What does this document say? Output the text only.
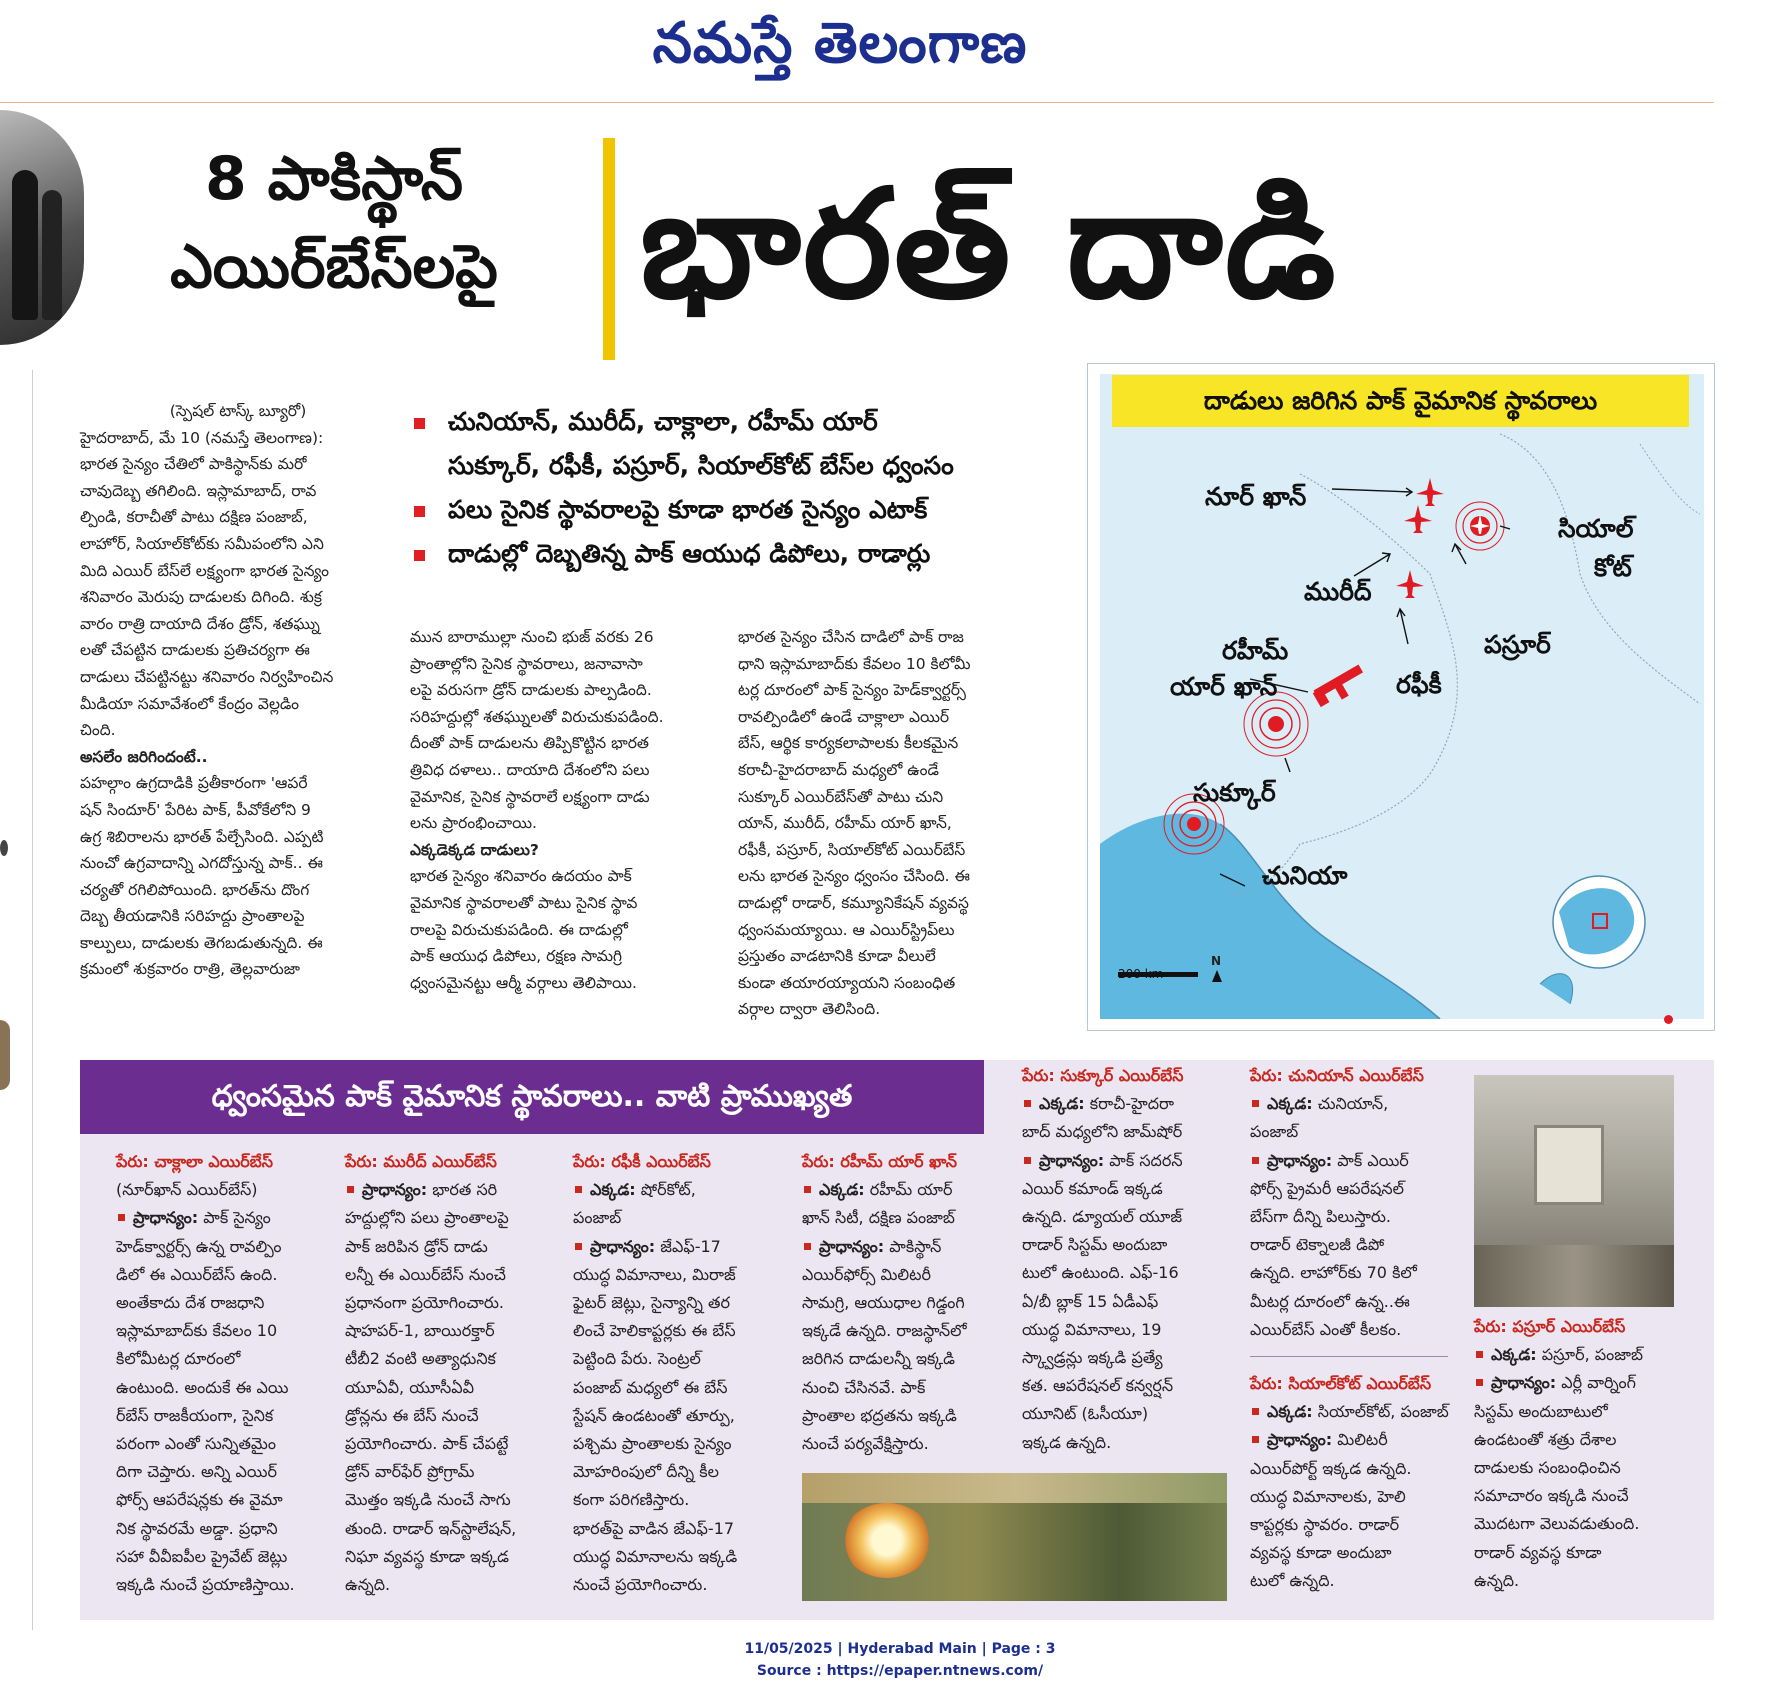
నమస్తే తెలంగాణ
8 పాకిస్థాన్
ఎయిర్‌బేస్‌లపై భారత్ దాడి

(స్పెషల్ టాస్క్ బ్యూరో)

హైదరాబాద్, మే 10 (నమస్తే తెలంగాణ):

భారత సైన్యం చేతిలో పాకిస్థాన్‌కు మరో

చావుదెబ్బ తగిలింది. ఇస్లామాబాద్, రావ

ల్పిండి, కరాచీతో పాటు దక్షిణ పంజాబ్,

లాహోర్, సియాల్‌కోట్‌కు సమీపంలోని ఎని

మిది ఎయిర్ బేస్‌లే లక్ష్యంగా భారత సైన్యం

శనివారం మెరుపు దాడులకు దిగింది. శుక్ర

వారం రాత్రి దాయాది దేశం డ్రోన్, శతఘ్ను

లతో చేపట్టిన దాడులకు ప్రతిచర్యగా ఈ

దాడులు చేపట్టినట్టు శనివారం నిర్వహించిన

మీడియా సమావేశంలో కేంద్రం వెల్లడిం

చింది.

అసలేం జరిగిందంటే..

పహల్గాం ఉగ్రదాడికి ప్రతీకారంగా 'ఆపరే

షన్ సిందూర్' పేరిట పాక్, పీవోకేలోని 9

ఉగ్ర శిబిరాలను భారత్ పేల్చేసింది. ఎప్పటి

నుంచో ఉగ్రవాదాన్ని ఎగదోస్తున్న పాక్.. ఈ

చర్యతో రగిలిపోయింది. భారత్‌ను దొంగ

దెబ్బ తీయడానికి సరిహద్దు ప్రాంతాలపై

కాల్పులు, దాడులకు తెగబడుతున్నది. ఈ

క్రమంలో శుక్రవారం రాత్రి, తెల్లవారుజా

చునియాన్, మురీద్, చాక్లాలా, రహీమ్ యార్
సుక్కూర్, రఫీకీ, పస్రూర్, సియాల్‌కోట్ బేస్‌ల ధ్వంసం
పలు సైనిక స్థావరాలపై కూడా భారత సైన్యం ఎటాక్
దాడుల్లో దెబ్బతిన్న పాక్ ఆయుధ డిపోలు, రాడార్లు

మున బారాముల్లా నుంచి భుజ్ వరకు 26

ప్రాంతాల్లోని సైనిక స్థావరాలు, జనావాసా

లపై వరుసగా డ్రోన్ దాడులకు పాల్పడింది.

సరిహద్దుల్లో శతఘ్నులతో విరుచుకుపడింది.

దీంతో పాక్ దాడులను తిప్పికొట్టిన భారత

త్రివిధ దళాలు.. దాయాది దేశంలోని పలు

వైమానిక, సైనిక స్థావరాలే లక్ష్యంగా దాడు

లను ప్రారంభించాయి.

ఎక్కడెక్కడ దాడులు?

భారత సైన్యం శనివారం ఉదయం పాక్

వైమానిక స్థావరాలతో పాటు సైనిక స్థావ

రాలపై విరుచుకుపడింది. ఈ దాడుల్లో

పాక్ ఆయుధ డిపోలు, రక్షణ సామగ్రి

ధ్వంసమైనట్టు ఆర్మీ వర్గాలు తెలిపాయి.

భారత సైన్యం చేసిన దాడిలో పాక్ రాజ

ధాని ఇస్లామాబాద్‌కు కేవలం 10 కిలోమీ

టర్ల దూరంలో పాక్ సైన్యం హెడ్‌క్వార్టర్స్

రావల్పిండిలో ఉండే చాక్లాలా ఎయిర్

బేస్, ఆర్థిక కార్యకలాపాలకు కీలకమైన

కరాచీ-హైదరాబాద్ మధ్యలో ఉండే

సుక్కూర్ ఎయిర్‌బేస్‌తో పాటు చుని

యాన్, మురీద్, రహీమ్ యార్ ఖాన్,

రఫీకీ, పస్రూర్, సియాల్‌కోట్ ఎయిర్‌బేస్

లను భారత సైన్యం ధ్వంసం చేసింది. ఈ

దాడుల్లో రాడార్, కమ్యూనికేషన్ వ్యవస్థ

ధ్వంసమయ్యాయి. ఆ ఎయిర్‌స్ట్రిప్‌లు

ప్రస్తుతం వాడటానికి కూడా వీలులే

కుండా తయారయ్యాయని సంబంధిత

వర్గాల ద్వారా తెలిసింది.

దాడులు జరిగిన పాక్ వైమానిక స్థావరాలు
నూర్ ఖాన్
సియాల్
కోట్
మురీద్
పస్రూర్
రహీమ్
యార్ ఖాన్	రఫీకీ
సుక్కూర్
చునియా
200 km
N
ధ్వంసమైన పాక్ వైమానిక స్థావరాలు.. వాటి ప్రాముఖ్యత

పేరు: చాక్లాలా ఎయిర్‌బేస్

(నూర్‌ఖాన్ ఎయిర్‌బేస్)

ప్రాధాన్యం: పాక్ సైన్యం

హెడ్‌క్వార్టర్స్ ఉన్న రావల్పిం

డిలో ఈ ఎయిర్‌బేస్ ఉంది.

అంతేకాదు దేశ రాజధాని

ఇస్లామాబాద్‌కు కేవలం 10

కిలోమీటర్ల దూరంలో

ఉంటుంది. అందుకే ఈ ఎయి

ర్‌బేస్ రాజకీయంగా, సైనిక

పరంగా ఎంతో సున్నితమైం

దిగా చెప్తారు. అన్ని ఎయిర్

ఫోర్స్ ఆపరేషన్లకు ఈ వైమా

నిక స్థావరమే అడ్డా. ప్రధాని

సహా వీవీఐపీల ప్రైవేట్ జెట్లు

ఇక్కడి నుంచే ప్రయాణిస్తాయి.

పేరు: మురీద్ ఎయిర్‌బేస్

ప్రాధాన్యం: భారత సరి

హద్దుల్లోని పలు ప్రాంతాలపై

పాక్ జరిపిన డ్రోన్ దాడు

లన్నీ ఈ ఎయిర్‌బేస్ నుంచే

ప్రధానంగా ప్రయోగించారు.

షాహపర్-1, బాయిరక్తార్

టీబీ2 వంటి అత్యాధునిక

యూఏవీ, యూసీఏవీ

డ్రోన్లను ఈ బేస్ నుంచే

ప్రయోగించారు. పాక్ చేపట్టే

డ్రోన్ వార్‌ఫేర్ ప్రోగ్రామ్

మొత్తం ఇక్కడి నుంచే సాగు

తుంది. రాడార్ ఇన్‌స్టాలేషన్,

నిఘా వ్యవస్థ కూడా ఇక్కడ

ఉన్నది.

పేరు: రఫీకీ ఎయిర్‌బేస్

ఎక్కడ: షోర్‌కోట్,

పంజాబ్

ప్రాధాన్యం: జేఎఫ్-17

యుద్ధ విమానాలు, మిరాజ్

ఫైటర్ జెట్లు, సైన్యాన్ని తర

లించే హెలికాప్టర్లకు ఈ బేస్

పెట్టింది పేరు. సెంట్రల్

పంజాబ్ మధ్యలో ఈ బేస్

స్టేషన్ ఉండటంతో తూర్పు,

పశ్చిమ ప్రాంతాలకు సైన్యం

మోహరింపులో దీన్ని కీల

కంగా పరిగణిస్తారు.

భారత్‌పై వాడిన జేఎఫ్-17

యుద్ధ విమానాలను ఇక్కడి

నుంచే ప్రయోగించారు.

పేరు: రహీమ్ యార్ ఖాన్

ఎక్కడ: రహీమ్ యార్

ఖాన్ సిటీ, దక్షిణ పంజాబ్

ప్రాధాన్యం: పాకిస్థాన్

ఎయిర్‌ఫోర్స్ మిలిటరీ

సామగ్రి, ఆయుధాల గిడ్డంగి

ఇక్కడే ఉన్నది. రాజస్థాన్‌లో

జరిగిన దాడులన్నీ ఇక్కడి

నుంచి చేసినవే. పాక్

ప్రాంతాల భద్రతను ఇక్కడి

నుంచే పర్యవేక్షిస్తారు.

పేరు: సుక్కూర్ ఎయిర్‌బేస్

ఎక్కడ: కరాచీ-హైదరా

బాద్ మధ్యలోని జామ్‌షోర్

ప్రాధాన్యం: పాక్ సదరన్

ఎయిర్ కమాండ్ ఇక్కడ

ఉన్నది. డ్యూయల్ యూజ్

రాడార్ సిస్టమ్ అందుబా

టులో ఉంటుంది. ఎఫ్-16

ఏ/బీ బ్లాక్ 15 ఏడీఎఫ్

యుద్ధ విమానాలు, 19

స్క్వాడ్రన్లు ఇక్కడి ప్రత్యే

కత. ఆపరేషనల్ కన్వర్షన్

యూనిట్ (ఓసీయూ)

ఇక్కడ ఉన్నది.

పేరు: చునియాన్ ఎయిర్‌బేస్

ఎక్కడ: చునియాన్,

పంజాబ్

ప్రాధాన్యం: పాక్ ఎయిర్

ఫోర్స్ ప్రైమరీ ఆపరేషనల్

బేస్‌గా దీన్ని పిలుస్తారు.

రాడార్ టెక్నాలజీ డిపో

ఉన్నది. లాహోర్‌కు 70 కిలో

మీటర్ల దూరంలో ఉన్న..ఈ

ఎయిర్‌బేస్ ఎంతో కీలకం.

పేరు: సియాల్‌కోట్ ఎయిర్‌బేస్

ఎక్కడ: సియాల్‌కోట్, పంజాబ్

ప్రాధాన్యం: మిలిటరీ

ఎయిర్‌పోర్ట్ ఇక్కడ ఉన్నది.

యుద్ధ విమానాలకు, హెలి

కాప్టర్లకు స్థావరం. రాడార్

వ్యవస్థ కూడా అందుబా

టులో ఉన్నది.

పేరు: పస్రూర్ ఎయిర్‌బేస్

ఎక్కడ: పస్రూర్, పంజాబ్

ప్రాధాన్యం: ఎర్లీ వార్నింగ్

సిస్టమ్ అందుబాటులో

ఉండటంతో శత్రు దేశాల

దాడులకు సంబంధించిన

సమాచారం ఇక్కడి నుంచే

మొదటగా వెలువడుతుంది.

రాడార్ వ్యవస్థ కూడా

ఉన్నది.

11/05/2025 | Hyderabad Main | Page : 3
Source : https://epaper.ntnews.com/
